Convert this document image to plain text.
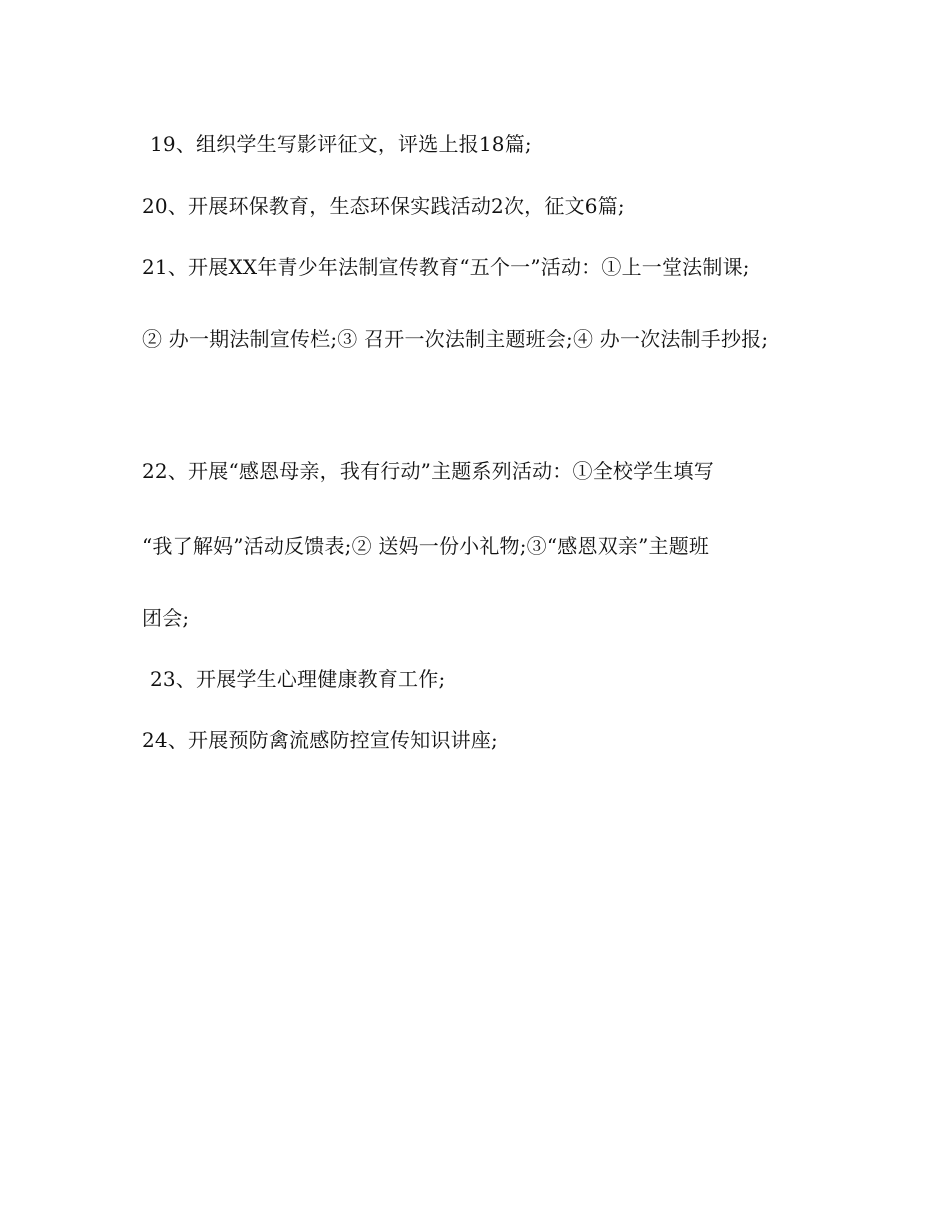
19、组织学生写影评征文，评选上报18篇;
20、开展环保教育，生态环保实践活动2次，征文6篇;
21、开展XX年青少年法制宣传教育“五个一”活动：①上一堂法制课;
② 办一期法制宣传栏;③ 召开一次法制主题班会;④ 办一次法制手抄报;
22、开展“感恩母亲，我有行动”主题系列活动：①全校学生填写
“我了解妈”活动反馈表;② 送妈一份小礼物;③“感恩双亲”主题班
团会;
23、开展学生心理健康教育工作;
24、开展预防禽流感防控宣传知识讲座;
